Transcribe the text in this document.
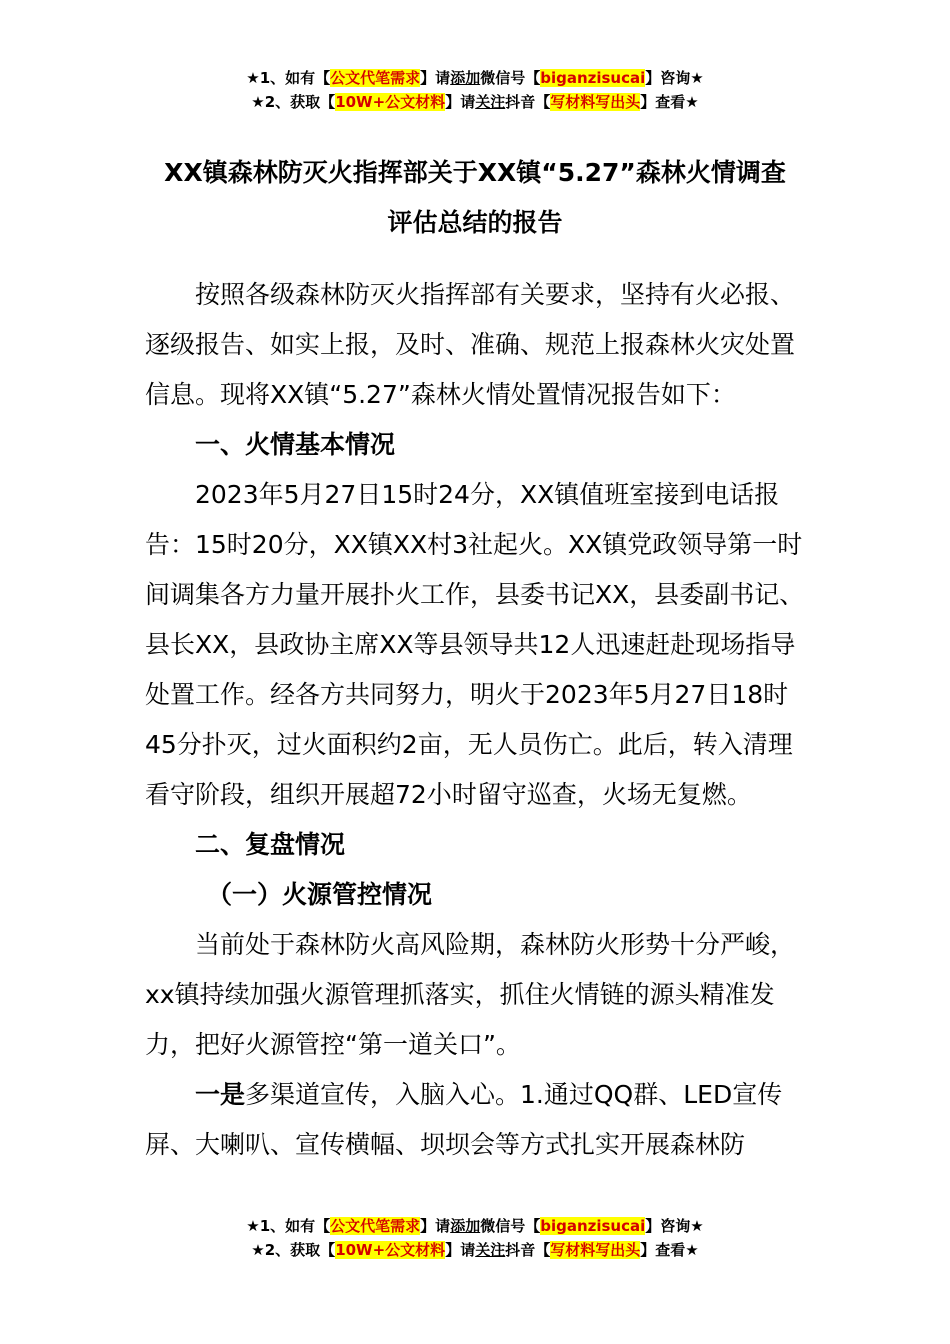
★1、如有【公文代笔需求】请添加微信号【biganzisucai】咨询★
★2、获取【10W+公文材料】请关注抖音【写材料写出头】查看★
XX镇森林防灭火指挥部关于XX镇“5.27”森林火情调查
评估总结的报告

按照各级森林防灭火指挥部有关要求，坚持有火必报、逐级报告、如实上报，及时、准确、规范上报森林火灾处置信息。现将XX镇“5.27”森林火情处置情况报告如下：

一、火情基本情况

2023年5月27日15时24分，XX镇值班室接到电话报告：15时20分，XX镇XX村3社起火。XX镇党政领导第一时间调集各方力量开展扑火工作，县委书记XX，县委副书记、县长XX，县政协主席XX等县领导共12人迅速赶赴现场指导处置工作。经各方共同努力，明火于2023年5月27日18时45分扑灭，过火面积约2亩，无人员伤亡。此后，转入清理看守阶段，组织开展超72小时留守巡查，火场无复燃。

二、复盘情况

（一）火源管控情况

当前处于森林防火高风险期，森林防火形势十分严峻，xx镇持续加强火源管理抓落实，抓住火情链的源头精准发力，把好火源管控“第一道关口”。

一是多渠道宣传，入脑入心。1.通过QQ群、LED宣传屏、大喇叭、宣传横幅、坝坝会等方式扎实开展森林防

★1、如有【公文代笔需求】请添加微信号【biganzisucai】咨询★
★2、获取【10W+公文材料】请关注抖音【写材料写出头】查看★
